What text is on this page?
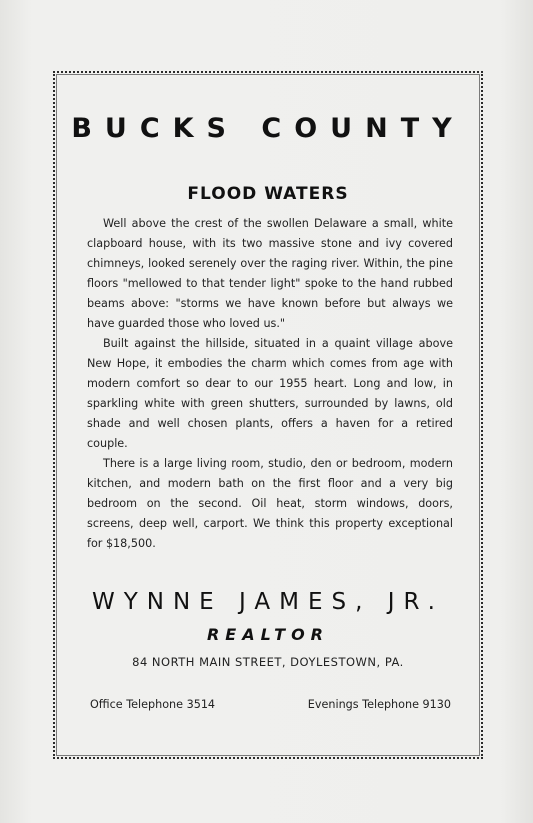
BUCKS COUNTY
FLOOD WATERS

Well above the crest of the swollen Delaware a small, white clapboard house, with its two massive stone and ivy covered chimneys, looked serenely over the raging river. Within, the pine floors "mellowed to that tender light" spoke to the hand rubbed beams above: "storms we have known before but always we have guarded those who loved us."

Built against the hillside, situated in a quaint village above New Hope, it embodies the charm which comes from age with modern comfort so dear to our 1955 heart. Long and low, in sparkling white with green shutters, surrounded by lawns, old shade and well chosen plants, offers a haven for a retired couple.

There is a large living room, studio, den or bedroom, modern kitchen, and modern bath on the first floor and a very big bedroom on the second. Oil heat, storm windows, doors, screens, deep well, carport. We think this property exceptional for $18,500.

WYNNE JAMES, JR.
REALTOR
84 NORTH MAIN STREET, DOYLESTOWN, PA.
Office Telephone 3514	Evenings Telephone 9130
